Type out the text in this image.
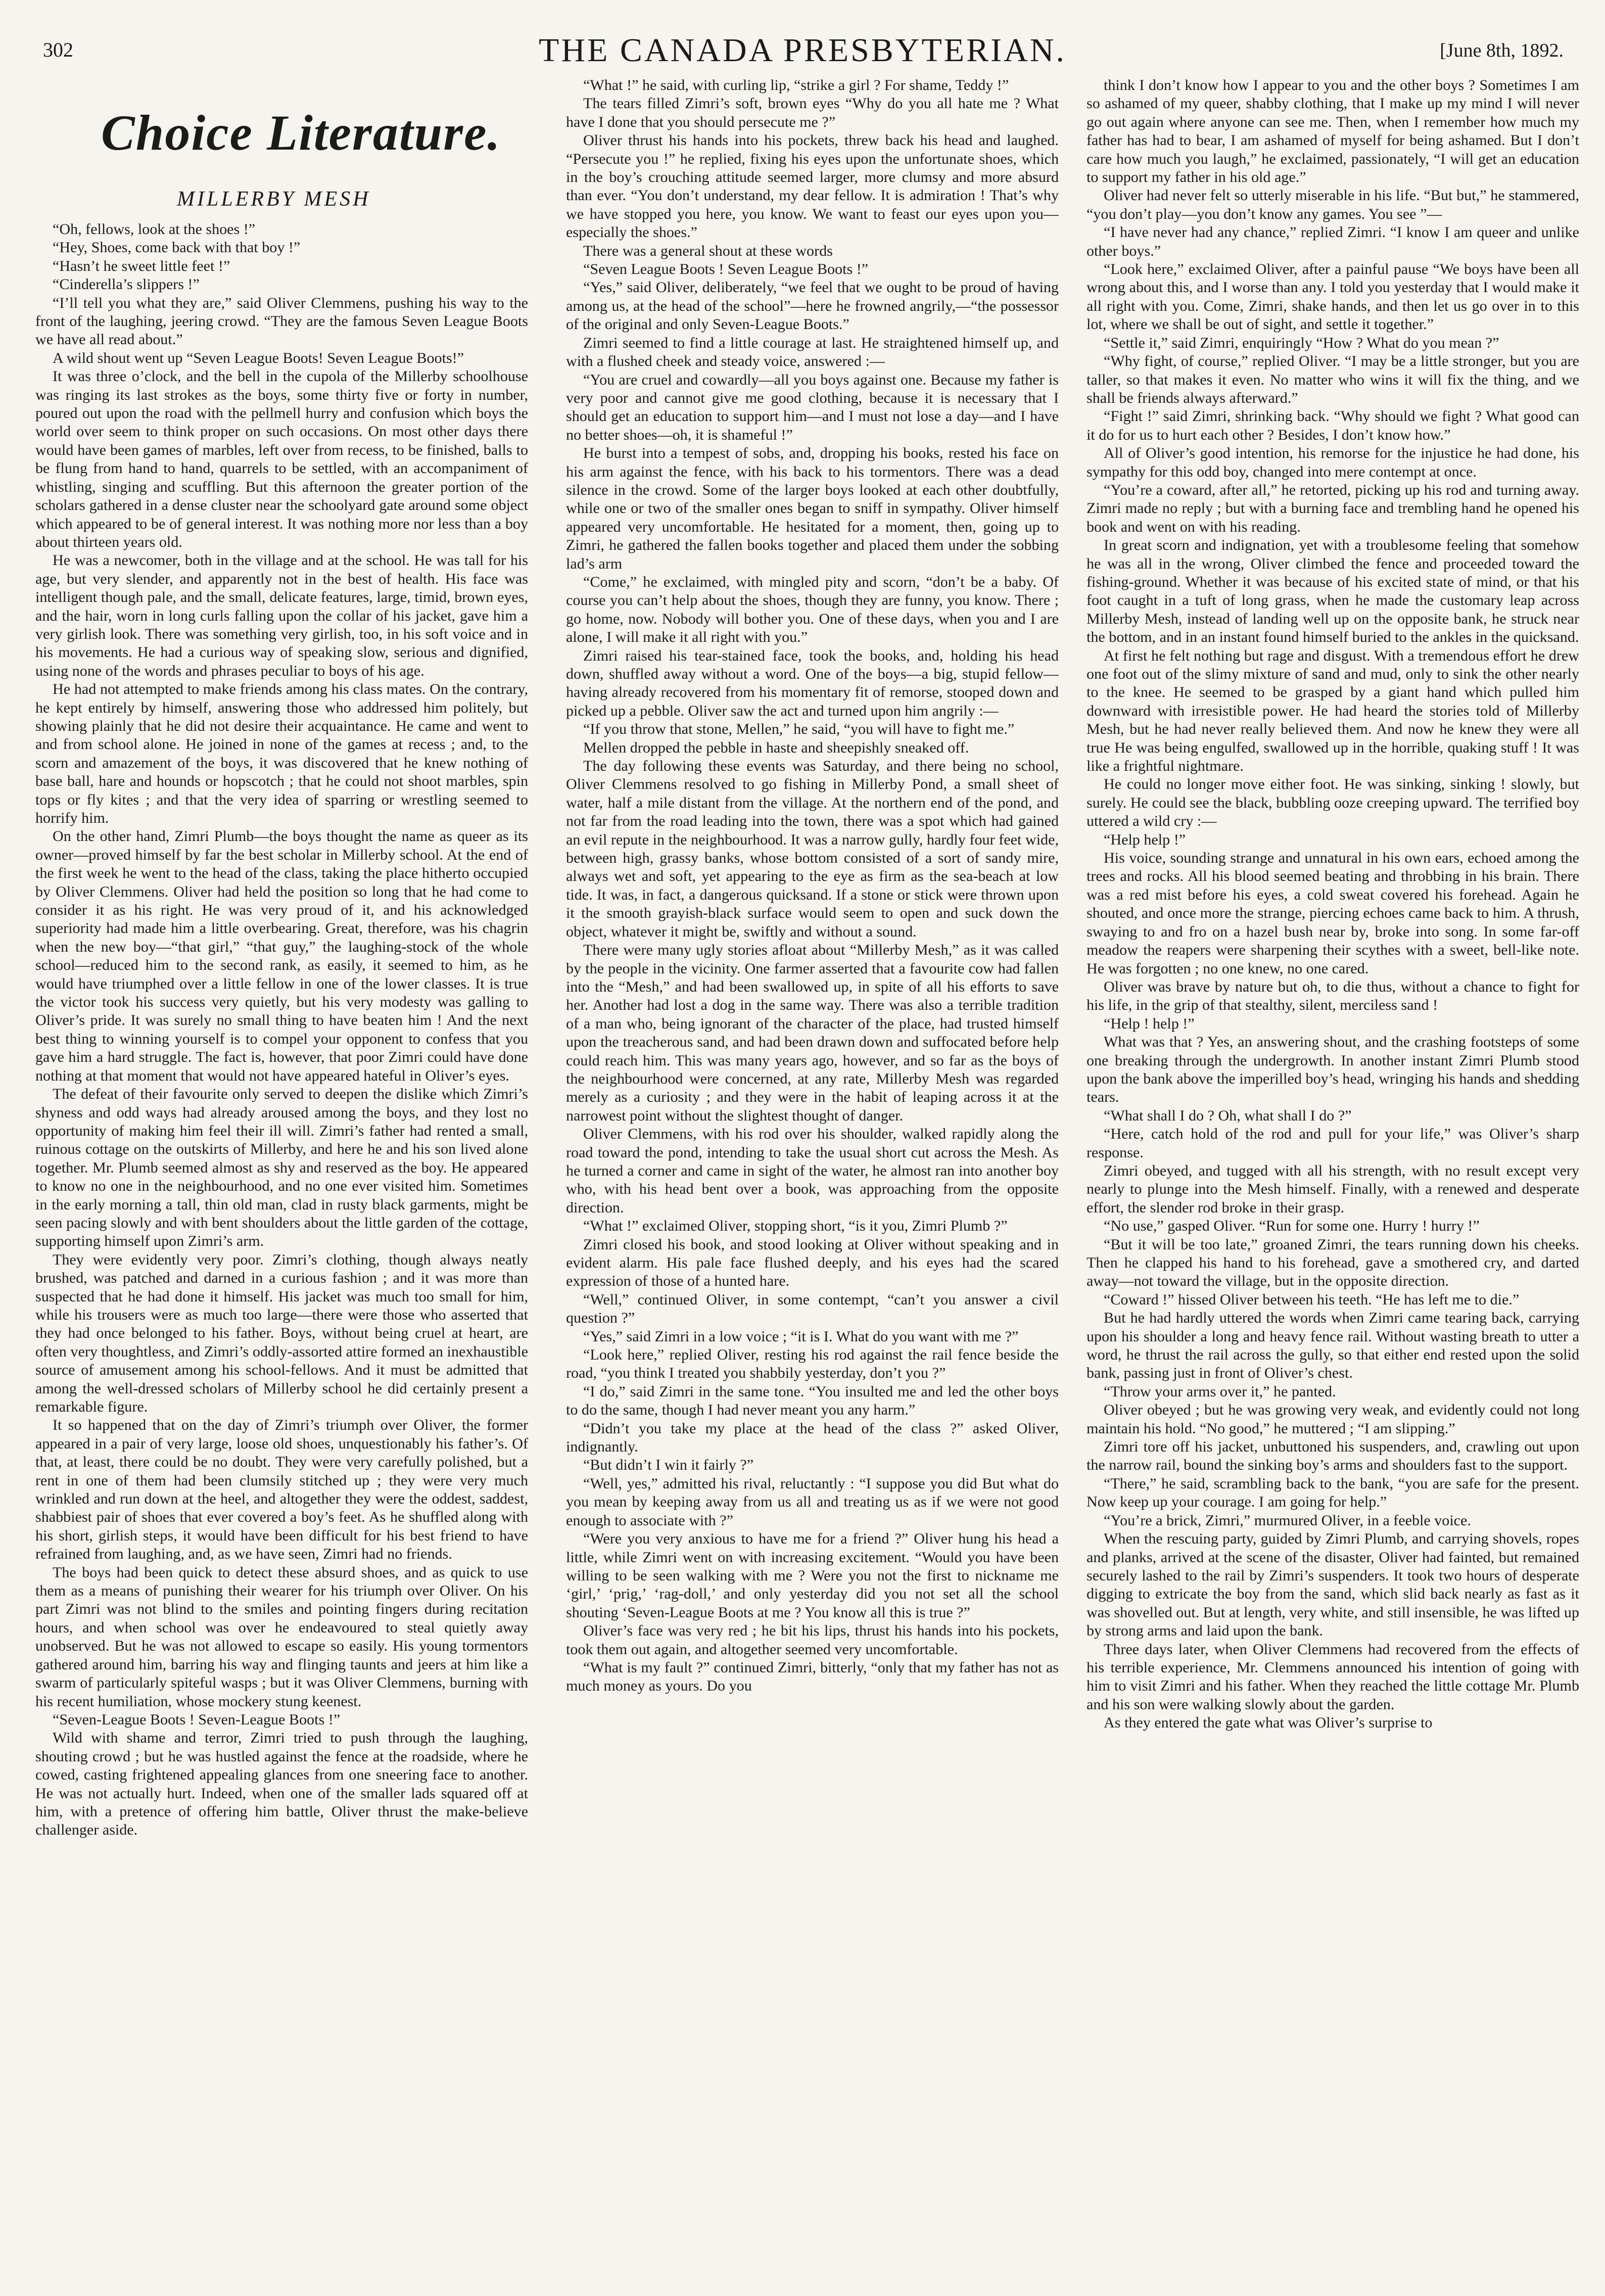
302	THE CANADA PRESBYTERIAN.	[June 8th, 1892.
Choice Literature.
MILLERBY MESH

“Oh, fellows, look at the shoes !”

“Hey, Shoes, come back with that boy !”

“Hasn’t he sweet little feet !”

“Cinderella’s slippers !”

“I’ll tell you what they are,” said Oliver Clemmens, pushing his way to the front of the laughing, jeering crowd. “They are the famous Seven League Boots we have all read about.”

A wild shout went up “Seven League Boots! Seven League Boots!”

It was three o’clock, and the bell in the cupola of the Millerby schoolhouse was ringing its last strokes as the boys, some thirty five or forty in number, poured out upon the road with the pellmell hurry and confusion which boys the world over seem to think proper on such occasions. On most other days there would have been games of marbles, left over from recess, to be finished, balls to be flung from hand to hand, quarrels to be settled, with an accompaniment of whistling, singing and scuffling. But this afternoon the greater portion of the scholars gathered in a dense cluster near the schoolyard gate around some object which appeared to be of general interest. It was nothing more nor less than a boy about thirteen years old.

He was a newcomer, both in the village and at the school. He was tall for his age, but very slender, and apparently not in the best of health. His face was intelligent though pale, and the small, delicate features, large, timid, brown eyes, and the hair, worn in long curls falling upon the collar of his jacket, gave him a very girlish look. There was something very girlish, too, in his soft voice and in his movements. He had a curious way of speaking slow, serious and dignified, using none of the words and phrases peculiar to boys of his age.

He had not attempted to make friends among his class mates. On the contrary, he kept entirely by himself, answering those who addressed him politely, but showing plainly that he did not desire their acquaintance. He came and went to and from school alone. He joined in none of the games at recess ; and, to the scorn and amazement of the boys, it was discovered that he knew nothing of base ball, hare and hounds or hopscotch ; that he could not shoot marbles, spin tops or fly kites ; and that the very idea of sparring or wrestling seemed to horrify him.

On the other hand, Zimri Plumb—the boys thought the name as queer as its owner—proved himself by far the best scholar in Millerby school. At the end of the first week he went to the head of the class, taking the place hitherto occupied by Oliver Clemmens. Oliver had held the position so long that he had come to consider it as his right. He was very proud of it, and his acknowledged superiority had made him a little overbearing. Great, therefore, was his chagrin when the new boy—“that girl,” “that guy,” the laughing-stock of the whole school—reduced him to the second rank, as easily, it seemed to him, as he would have triumphed over a little fellow in one of the lower classes. It is true the victor took his success very quietly, but his very modesty was galling to Oliver’s pride. It was surely no small thing to have beaten him ! And the next best thing to winning yourself is to compel your opponent to confess that you gave him a hard struggle. The fact is, however, that poor Zimri could have done nothing at that moment that would not have appeared hateful in Oliver’s eyes.

The defeat of their favourite only served to deepen the dislike which Zimri’s shyness and odd ways had already aroused among the boys, and they lost no opportunity of making him feel their ill will. Zimri’s father had rented a small, ruinous cottage on the outskirts of Millerby, and here he and his son lived alone together. Mr. Plumb seemed almost as shy and reserved as the boy. He appeared to know no one in the neighbourhood, and no one ever visited him. Sometimes in the early morning a tall, thin old man, clad in rusty black garments, might be seen pacing slowly and with bent shoulders about the little garden of the cottage, supporting himself upon Zimri’s arm.

They were evidently very poor. Zimri’s clothing, though always neatly brushed, was patched and darned in a curious fashion ; and it was more than suspected that he had done it himself. His jacket was much too small for him, while his trousers were as much too large—there were those who asserted that they had once belonged to his father. Boys, without being cruel at heart, are often very thoughtless, and Zimri’s oddly-assorted attire formed an inexhaustible source of amusement among his school-fellows. And it must be admitted that among the well-dressed scholars of Millerby school he did certainly present a remarkable figure.

It so happened that on the day of Zimri’s triumph over Oliver, the former appeared in a pair of very large, loose old shoes, unquestionably his father’s. Of that, at least, there could be no doubt. They were very carefully polished, but a rent in one of them had been clumsily stitched up ; they were very much wrinkled and run down at the heel, and altogether they were the oddest, saddest, shabbiest pair of shoes that ever covered a boy’s feet. As he shuffled along with his short, girlish steps, it would have been difficult for his best friend to have refrained from laughing, and, as we have seen, Zimri had no friends.

The boys had been quick to detect these absurd shoes, and as quick to use them as a means of punishing their wearer for his triumph over Oliver. On his part Zimri was not blind to the smiles and pointing fingers during recitation hours, and when school was over he endeavoured to steal quietly away unobserved. But he was not allowed to escape so easily. His young tormentors gathered around him, barring his way and flinging taunts and jeers at him like a swarm of particularly spiteful wasps ; but it was Oliver Clemmens, burning with his recent humiliation, whose mockery stung keenest.

“Seven-League Boots ! Seven-League Boots !”

Wild with shame and terror, Zimri tried to push through the laughing, shouting crowd ; but he was hustled against the fence at the roadside, where he cowed, casting frightened appealing glances from one sneering face to another. He was not actually hurt. Indeed, when one of the smaller lads squared off at him, with a pretence of offering him battle, Oliver thrust the make-believe challenger aside.

“What !” he said, with curling lip, “strike a girl ? For shame, Teddy !”

The tears filled Zimri’s soft, brown eyes “Why do you all hate me ? What have I done that you should persecute me ?”

Oliver thrust his hands into his pockets, threw back his head and laughed. “Persecute you !” he replied, fixing his eyes upon the unfortunate shoes, which in the boy’s crouching attitude seemed larger, more clumsy and more absurd than ever. “You don’t understand, my dear fellow. It is admiration ! That’s why we have stopped you here, you know. We want to feast our eyes upon you—especially the shoes.”

There was a general shout at these words

“Seven League Boots ! Seven League Boots !”

“Yes,” said Oliver, deliberately, “we feel that we ought to be proud of having among us, at the head of the school”—here he frowned angrily,—“the possessor of the original and only Seven-League Boots.”

Zimri seemed to find a little courage at last. He straightened himself up, and with a flushed cheek and steady voice, answered :—

“You are cruel and cowardly—all you boys against one. Because my father is very poor and cannot give me good clothing, because it is necessary that I should get an education to support him—and I must not lose a day—and I have no better shoes—oh, it is shameful !”

He burst into a tempest of sobs, and, dropping his books, rested his face on his arm against the fence, with his back to his tormentors. There was a dead silence in the crowd. Some of the larger boys looked at each other doubtfully, while one or two of the smaller ones began to sniff in sympathy. Oliver himself appeared very uncomfortable. He hesitated for a moment, then, going up to Zimri, he gathered the fallen books together and placed them under the sobbing lad’s arm

“Come,” he exclaimed, with mingled pity and scorn, “don’t be a baby. Of course you can’t help about the shoes, though they are funny, you know. There ; go home, now. Nobody will bother you. One of these days, when you and I are alone, I will make it all right with you.”

Zimri raised his tear-stained face, took the books, and, holding his head down, shuffled away without a word. One of the boys—a big, stupid fellow—having already recovered from his momentary fit of remorse, stooped down and picked up a pebble. Oliver saw the act and turned upon him angrily :—

“If you throw that stone, Mellen,” he said, “you will have to fight me.”

Mellen dropped the pebble in haste and sheepishly sneaked off.

The day following these events was Saturday, and there being no school, Oliver Clemmens resolved to go fishing in Millerby Pond, a small sheet of water, half a mile distant from the village. At the northern end of the pond, and not far from the road leading into the town, there was a spot which had gained an evil repute in the neighbourhood. It was a narrow gully, hardly four feet wide, between high, grassy banks, whose bottom consisted of a sort of sandy mire, always wet and soft, yet appearing to the eye as firm as the sea-beach at low tide. It was, in fact, a dangerous quicksand. If a stone or stick were thrown upon it the smooth grayish-black surface would seem to open and suck down the object, whatever it might be, swiftly and without a sound.

There were many ugly stories afloat about “Millerby Mesh,” as it was called by the people in the vicinity. One farmer asserted that a favourite cow had fallen into the “Mesh,” and had been swallowed up, in spite of all his efforts to save her. Another had lost a dog in the same way. There was also a terrible tradition of a man who, being ignorant of the character of the place, had trusted himself upon the treacherous sand, and had been drawn down and suffocated before help could reach him. This was many years ago, however, and so far as the boys of the neighbourhood were concerned, at any rate, Millerby Mesh was regarded merely as a curiosity ; and they were in the habit of leaping across it at the narrowest point without the slightest thought of danger.

Oliver Clemmens, with his rod over his shoulder, walked rapidly along the road toward the pond, intending to take the usual short cut across the Mesh. As he turned a corner and came in sight of the water, he almost ran into another boy who, with his head bent over a book, was approaching from the opposite direction.

“What !” exclaimed Oliver, stopping short, “is it you, Zimri Plumb ?”

Zimri closed his book, and stood looking at Oliver without speaking and in evident alarm. His pale face flushed deeply, and his eyes had the scared expression of those of a hunted hare.

“Well,” continued Oliver, in some contempt, “can’t you answer a civil question ?”

“Yes,” said Zimri in a low voice ; “it is I. What do you want with me ?”

“Look here,” replied Oliver, resting his rod against the rail fence beside the road, “you think I treated you shabbily yesterday, don’t you ?”

“I do,” said Zimri in the same tone. “You insulted me and led the other boys to do the same, though I had never meant you any harm.”

“Didn’t you take my place at the head of the class ?” asked Oliver, indignantly.

“But didn’t I win it fairly ?”

“Well, yes,” admitted his rival, reluctantly : “I suppose you did But what do you mean by keeping away from us all and treating us as if we were not good enough to associate with ?”

“Were you very anxious to have me for a friend ?” Oliver hung his head a little, while Zimri went on with increasing excitement. “Would you have been willing to be seen walking with me ? Were you not the first to nickname me ‘girl,’ ‘prig,’ ‘rag-doll,’ and only yesterday did you not set all the school shouting ‘Seven-League Boots at me ? You know all this is true ?”

Oliver’s face was very red ; he bit his lips, thrust his hands into his pockets, took them out again, and altogether seemed very uncomfortable.

“What is my fault ?” continued Zimri, bitterly, “only that my father has not as much money as yours. Do you

think I don’t know how I appear to you and the other boys ? Sometimes I am so ashamed of my queer, shabby clothing, that I make up my mind I will never go out again where anyone can see me. Then, when I remember how much my father has had to bear, I am ashamed of myself for being ashamed. But I don’t care how much you laugh,” he exclaimed, passionately, “I will get an education to support my father in his old age.”

Oliver had never felt so utterly miserable in his life. “But but,” he stammered, “you don’t play—you don’t know any games. You see ”—

“I have never had any chance,” replied Zimri. “I know I am queer and unlike other boys.”

“Look here,” exclaimed Oliver, after a painful pause “We boys have been all wrong about this, and I worse than any. I told you yesterday that I would make it all right with you. Come, Zimri, shake hands, and then let us go over in to this lot, where we shall be out of sight, and settle it together.”

“Settle it,” said Zimri, enquiringly “How ? What do you mean ?”

“Why fight, of course,” replied Oliver. “I may be a little stronger, but you are taller, so that makes it even. No matter who wins it will fix the thing, and we shall be friends always afterward.”

“Fight !” said Zimri, shrinking back. “Why should we fight ? What good can it do for us to hurt each other ? Besides, I don’t know how.”

All of Oliver’s good intention, his remorse for the injustice he had done, his sympathy for this odd boy, changed into mere contempt at once.

“You’re a coward, after all,” he retorted, picking up his rod and turning away. Zimri made no reply ; but with a burning face and trembling hand he opened his book and went on with his reading.

In great scorn and indignation, yet with a troublesome feeling that somehow he was all in the wrong, Oliver climbed the fence and proceeded toward the fishing-ground. Whether it was because of his excited state of mind, or that his foot caught in a tuft of long grass, when he made the customary leap across Millerby Mesh, instead of landing well up on the opposite bank, he struck near the bottom, and in an instant found himself buried to the ankles in the quicksand.

At first he felt nothing but rage and disgust. With a tremendous effort he drew one foot out of the slimy mixture of sand and mud, only to sink the other nearly to the knee. He seemed to be grasped by a giant hand which pulled him downward with irresistible power. He had heard the stories told of Millerby Mesh, but he had never really believed them. And now he knew they were all true He was being engulfed, swallowed up in the horrible, quaking stuff ! It was like a frightful nightmare.

He could no longer move either foot. He was sinking, sinking ! slowly, but surely. He could see the black, bubbling ooze creeping upward. The terrified boy uttered a wild cry :—

“Help help !”

His voice, sounding strange and unnatural in his own ears, echoed among the trees and rocks. All his blood seemed beating and throbbing in his brain. There was a red mist before his eyes, a cold sweat covered his forehead. Again he shouted, and once more the strange, piercing echoes came back to him. A thrush, swaying to and fro on a hazel bush near by, broke into song. In some far-off meadow the reapers were sharpening their scythes with a sweet, bell-like note. He was forgotten ; no one knew, no one cared.

Oliver was brave by nature but oh, to die thus, without a chance to fight for his life, in the grip of that stealthy, silent, merciless sand !

“Help ! help !”

What was that ? Yes, an answering shout, and the crashing footsteps of some one breaking through the undergrowth. In another instant Zimri Plumb stood upon the bank above the imperilled boy’s head, wringing his hands and shedding tears.

“What shall I do ? Oh, what shall I do ?”

“Here, catch hold of the rod and pull for your life,” was Oliver’s sharp response.

Zimri obeyed, and tugged with all his strength, with no result except very nearly to plunge into the Mesh himself. Finally, with a renewed and desperate effort, the slender rod broke in their grasp.

“No use,” gasped Oliver. “Run for some one. Hurry ! hurry !”

“But it will be too late,” groaned Zimri, the tears running down his cheeks. Then he clapped his hand to his forehead, gave a smothered cry, and darted away—not toward the village, but in the opposite direction.

“Coward !” hissed Oliver between his teeth. “He has left me to die.”

But he had hardly uttered the words when Zimri came tearing back, carrying upon his shoulder a long and heavy fence rail. Without wasting breath to utter a word, he thrust the rail across the gully, so that either end rested upon the solid bank, passing just in front of Oliver’s chest.

“Throw your arms over it,” he panted.

Oliver obeyed ; but he was growing very weak, and evidently could not long maintain his hold. “No good,” he muttered ; “I am slipping.”

Zimri tore off his jacket, unbuttoned his suspenders, and, crawling out upon the narrow rail, bound the sinking boy’s arms and shoulders fast to the support.

“There,” he said, scrambling back to the bank, “you are safe for the present. Now keep up your courage. I am going for help.”

“You’re a brick, Zimri,” murmured Oliver, in a feeble voice.

When the rescuing party, guided by Zimri Plumb, and carrying shovels, ropes and planks, arrived at the scene of the disaster, Oliver had fainted, but remained securely lashed to the rail by Zimri’s suspenders. It took two hours of desperate digging to extricate the boy from the sand, which slid back nearly as fast as it was shovelled out. But at length, very white, and still insensible, he was lifted up by strong arms and laid upon the bank.

Three days later, when Oliver Clemmens had recovered from the effects of his terrible experience, Mr. Clemmens announced his intention of going with him to visit Zimri and his father. When they reached the little cottage Mr. Plumb and his son were walking slowly about the garden.

As they entered the gate what was Oliver’s surprise to
